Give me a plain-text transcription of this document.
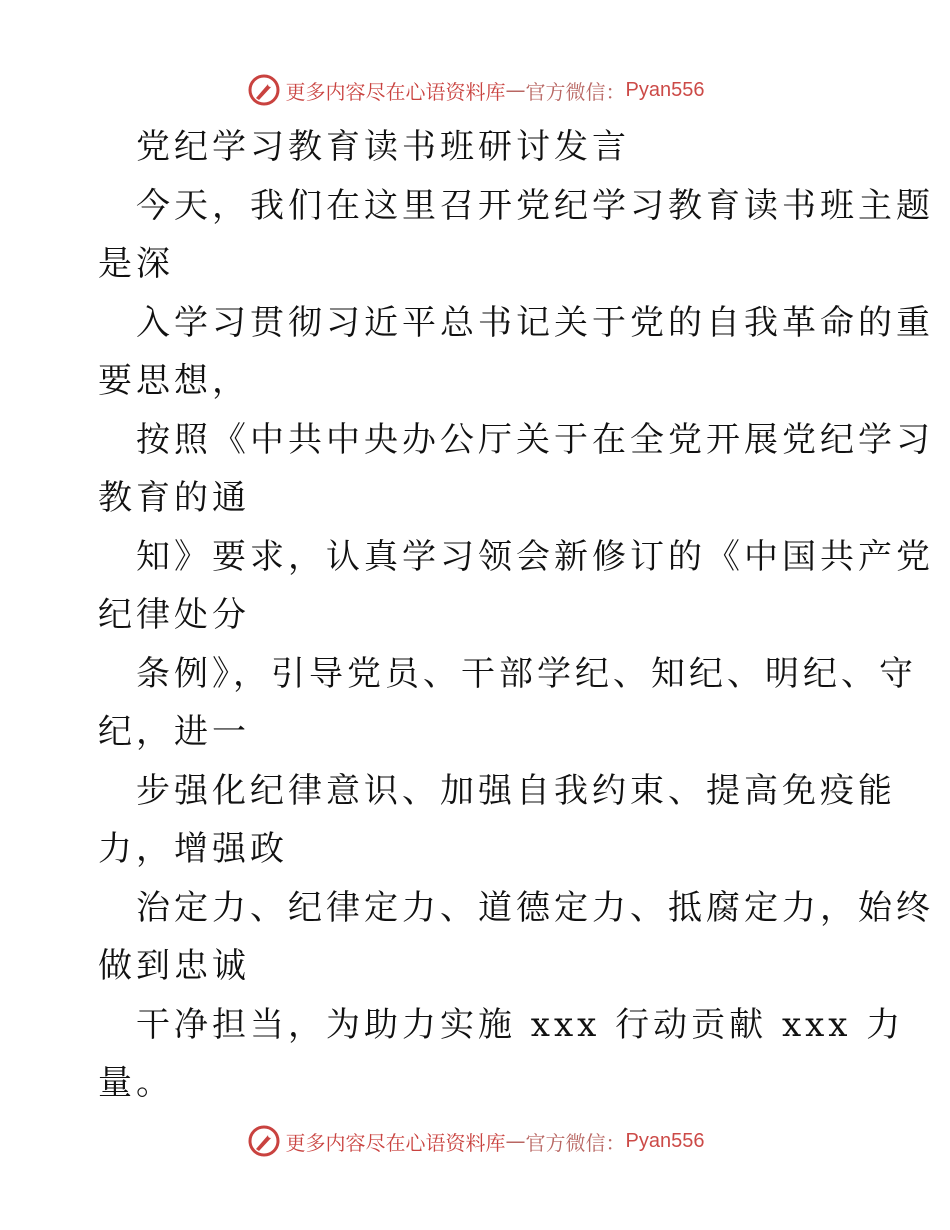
更多内容尽在心语资料库 — 官方微信： Pyan556
党纪学习教育读书班研讨发言
今天，我们在这里召开党纪学习教育读书班主题
是深
入学习贯彻习近平总书记关于党的自我革命的重
要思想，
按照《中共中央办公厅关于在全党开展党纪学习
教育的通
知》要求，认真学习领会新修订的《中国共产党
纪律处分
条例》，引导党员、干部学纪、知纪、明纪、守
纪，进一
步强化纪律意识、加强自我约束、提高免疫能
力，增强政
治定力、纪律定力、道德定力、抵腐定力，始终
做到忠诚
干净担当，为助力实施 xxx 行动贡献 xxx 力
量。
更多内容尽在心语资料库 — 官方微信： Pyan556
